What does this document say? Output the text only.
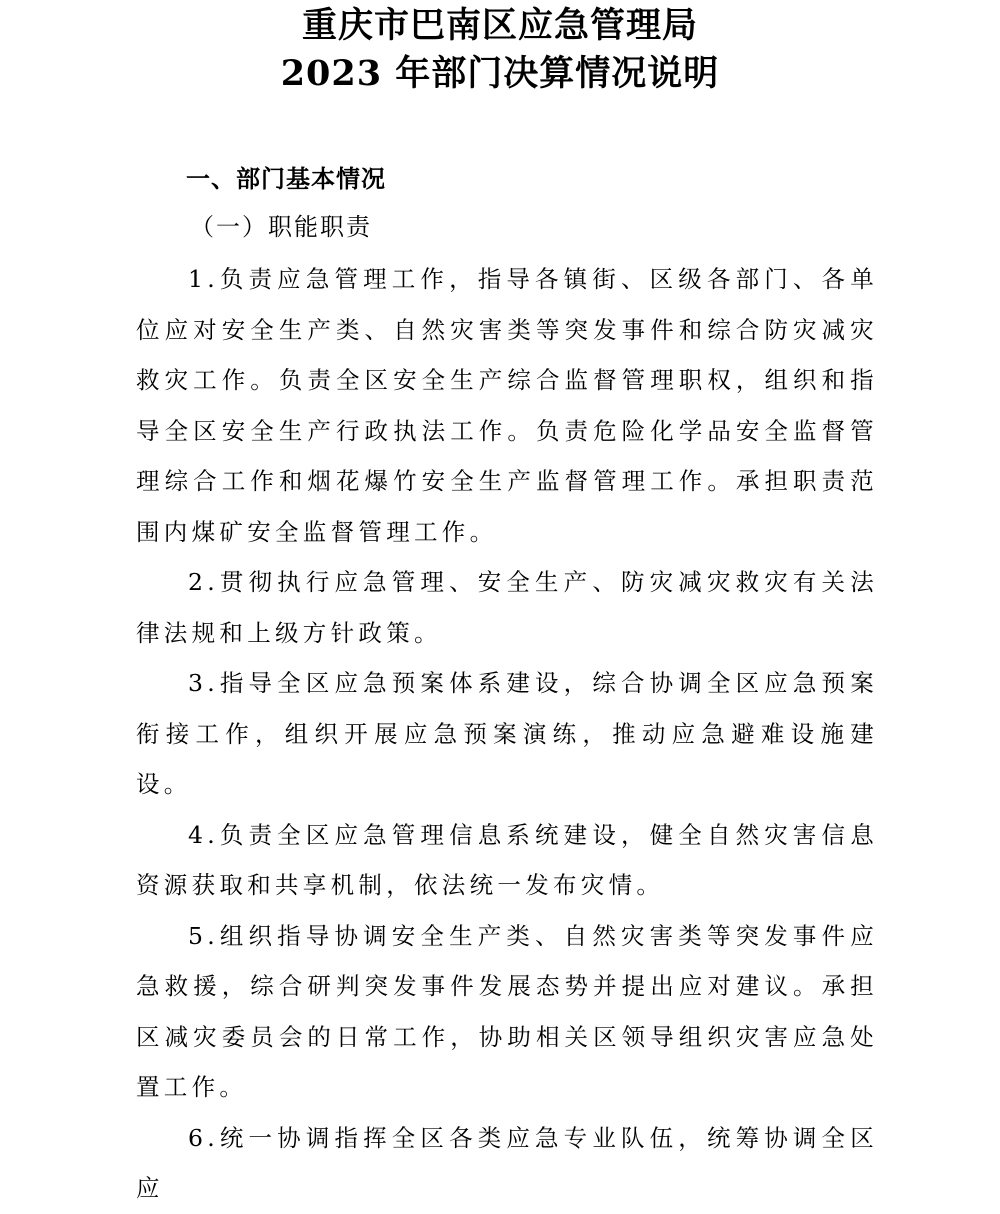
重庆市巴南区应急管理局
2023 年部门决算情况说明
一、部门基本情况
（一）职能职责

1.负责应急管理工作，指导各镇街、区级各部门、各单位应对安全生产类、自然灾害类等突发事件和综合防灾减灾救灾工作。负责全区安全生产综合监督管理职权，组织和指导全区安全生产行政执法工作。负责危险化学品安全监督管理综合工作和烟花爆竹安全生产监督管理工作。承担职责范围内煤矿安全监督管理工作。

2.贯彻执行应急管理、安全生产、防灾减灾救灾有关法律法规和上级方针政策。

3.指导全区应急预案体系建设，综合协调全区应急预案衔接工作，组织开展应急预案演练，推动应急避难设施建设。

4.负责全区应急管理信息系统建设，健全自然灾害信息资源获取和共享机制，依法统一发布灾情。

5.组织指导协调安全生产类、自然灾害类等突发事件应急救援，综合研判突发事件发展态势并提出应对建议。承担区减灾委员会的日常工作，协助相关区领导组织灾害应急处置工作。

6.统一协调指挥全区各类应急专业队伍，统筹协调全区应
